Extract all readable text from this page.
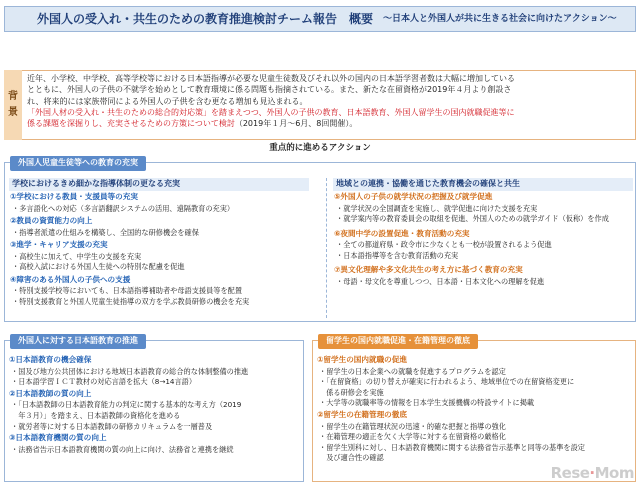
外国人の受入れ・共生のための教育推進検討チーム報告　概要 ～日本人と外国人が共に生きる社会に向けたアクション～
背
景
近年、小学校、中学校、高等学校等における日本語指導が必要な児童生徒数及びそれ以外の国内の日本語学習者数は大幅に増加している
とともに、外国人の子供の不就学を始めとして教育環境に係る問題も指摘されている。また、新たな在留資格が2019年４月より創設さ
れ、将来的には家族帯同による外国人の子供を含む更なる増加も見込まれる。
「外国人材の受入れ・共生のための総合的対応策」を踏まえつつ、外国人の子供の教育、日本語教育、外国人留学生の国内就職促進等に
係る課題を深掘りし、充実させるための方策について検討（2019年１月～6月、8回開催）。
重点的に進めるアクション
外国人児童生徒等への教育の充実
学校におけるきめ細かな指導体制の更なる充実	地域との連携・協働を通じた教育機会の確保と共生
①学校における教員・支援員等の充実
・多言語化への対応（多言語翻訳システムの活用、遠隔教育の充実）
②教員の資質能力の向上
・指導者派遣の仕組みを構築し、全国的な研修機会を確保
③進学・キャリア支援の充実
・高校生に加えて、中学生の支援を充実
・高校入試における外国人生徒への特別な配慮を促進
④障害のある外国人の子供への支援
・特別支援学校等においても、日本語指導補助者や母語支援員等を配置
・特別支援教育と外国人児童生徒指導の双方を学ぶ教員研修の機会を充実
⑤外国人の子供の就学状況の把握及び就学促進
・就学状況の全国調査を実施し、就学促進に向けた支援を充実
・就学案内等の教育委員会の取組を促進、外国人のための就学ガイド（仮称）を作成
⑥夜間中学の設置促進・教育活動の充実
・全ての都道府県・政令市に少なくとも一校が設置されるよう促進
・日本語指導等を含む教育活動の充実
⑦異文化理解や多文化共生の考え方に基づく教育の充実
・母語・母文化を尊重しつつ、日本語・日本文化への理解を促進
外国人に対する日本語教育の推進
①日本語教育の機会確保
・国及び地方公共団体における地域日本語教育の総合的な体制整備の推進
・日本語学習ＩＣＴ教材の対応言語を拡大（8→14言語）
②日本語教師の質の向上
・「日本語教師の日本語教育能力の判定に関する基本的な考え方（2019
　年３月）」を踏まえ、日本語教師の資格化を進める
・就労者等に対する日本語教師の研修カリキュラムを一層普及
③日本語教育機関の質の向上
・法務省告示日本語教育機関の質の向上に向け、法務省と連携を継続
留学生の国内就職促進・在籍管理の徹底
①留学生の国内就職の促進
・留学生の日本企業への就職を促進するプログラムを認定
・「在留資格」の切り替えが確実に行われるよう、地域単位での在留資格変更に
　係る研修会を実施
・大学等の就職率等の情報を日本学生支援機構の特設サイトに掲載
②留学生の在籍管理の徹底
・留学生の在籍管理状況の迅速・的確な把握と指導の強化
・在籍管理の適正を欠く大学等に対する在留資格の厳格化
・留学生別科に対し、日本語教育機関に関する法務省告示基準と同等の基準を設定
　及び適合性の確認
Rese·Mom
